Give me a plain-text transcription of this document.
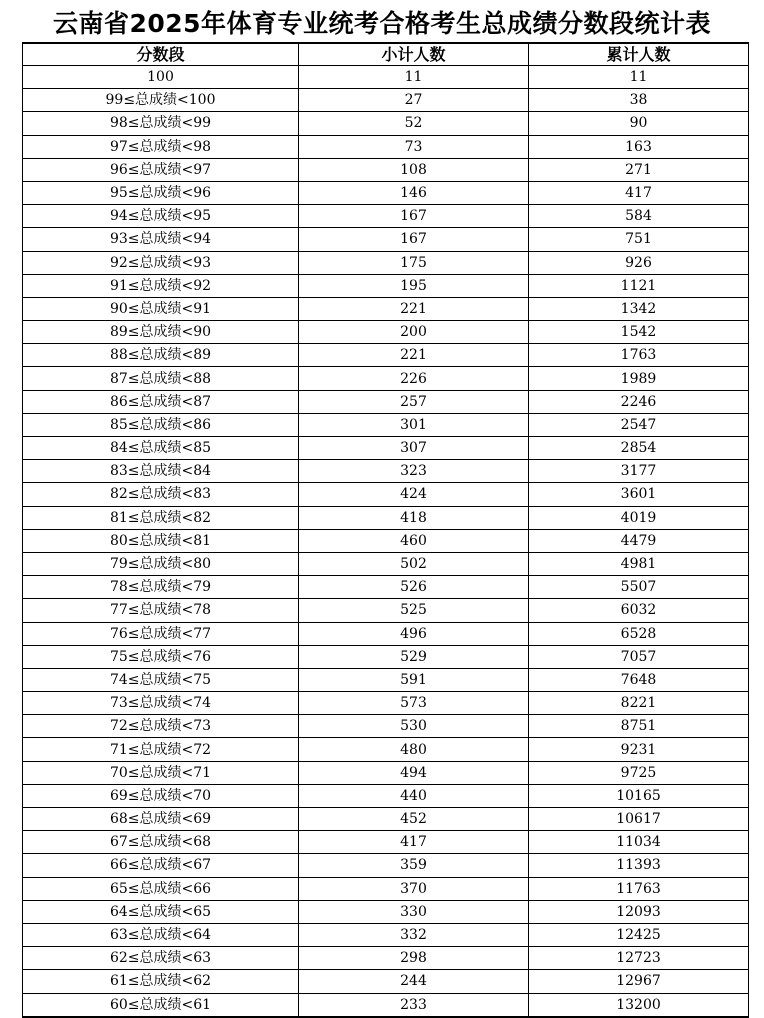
云南省2025年体育专业统考合格考生总成绩分数段统计表
分数段	小计人数	累计人数
100	11	11
99≤总成绩<100	27	38
98≤总成绩<99	52	90
97≤总成绩<98	73	163
96≤总成绩<97	108	271
95≤总成绩<96	146	417
94≤总成绩<95	167	584
93≤总成绩<94	167	751
92≤总成绩<93	175	926
91≤总成绩<92	195	1121
90≤总成绩<91	221	1342
89≤总成绩<90	200	1542
88≤总成绩<89	221	1763
87≤总成绩<88	226	1989
86≤总成绩<87	257	2246
85≤总成绩<86	301	2547
84≤总成绩<85	307	2854
83≤总成绩<84	323	3177
82≤总成绩<83	424	3601
81≤总成绩<82	418	4019
80≤总成绩<81	460	4479
79≤总成绩<80	502	4981
78≤总成绩<79	526	5507
77≤总成绩<78	525	6032
76≤总成绩<77	496	6528
75≤总成绩<76	529	7057
74≤总成绩<75	591	7648
73≤总成绩<74	573	8221
72≤总成绩<73	530	8751
71≤总成绩<72	480	9231
70≤总成绩<71	494	9725
69≤总成绩<70	440	10165
68≤总成绩<69	452	10617
67≤总成绩<68	417	11034
66≤总成绩<67	359	11393
65≤总成绩<66	370	11763
64≤总成绩<65	330	12093
63≤总成绩<64	332	12425
62≤总成绩<63	298	12723
61≤总成绩<62	244	12967
60≤总成绩<61	233	13200
